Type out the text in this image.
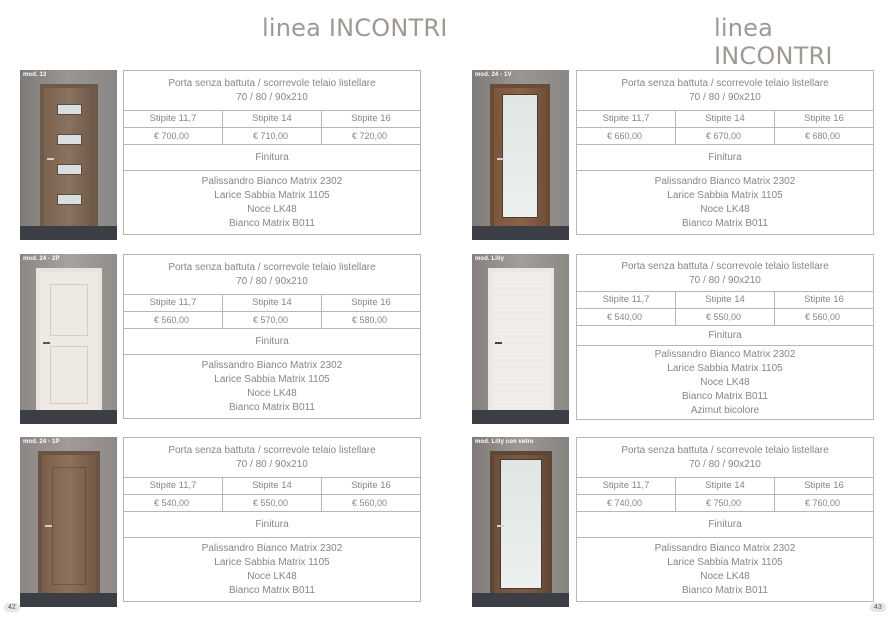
linea INCONTRI	linea INCONTRI
mod. 13
Porta senza battuta / scorrevole telaio listellare
70 / 80 / 90x210
Stipite 11,7	Stipite 14	Stipite 16
€ 700,00	€ 710,00	€ 720,00
Finitura
Palissandro Bianco Matrix 2302
Larice Sabbia Matrix 1105
Noce LK48
Bianco Matrix B011
mod. 24 - 1V
Porta senza battuta / scorrevole telaio listellare
70 / 80 / 90x210
Stipite 11,7	Stipite 14	Stipite 16
€ 660,00	€ 670,00	€ 680,00
Finitura
Palissandro Bianco Matrix 2302
Larice Sabbia Matrix 1105
Noce LK48
Bianco Matrix B011
mod. 24 - 2P
Porta senza battuta / scorrevole telaio listellare
70 / 80 / 90x210
Stipite 11,7	Stipite 14	Stipite 16
€ 560,00	€ 570,00	€ 580,00
Finitura
Palissandro Bianco Matrix 2302
Larice Sabbia Matrix 1105
Noce LK48
Bianco Matrix B011
mod. Lilly
Porta senza battuta / scorrevole telaio listellare
70 / 80 / 90x210
Stipite 11,7	Stipite 14	Stipite 16
€ 540,00	€ 550,00	€ 560,00
Finitura
Palissandro Bianco Matrix 2302
Larice Sabbia Matrix 1105
Noce LK48
Bianco Matrix B011
Azimut bicolore
mod. 24 - 1P
Porta senza battuta / scorrevole telaio listellare
70 / 80 / 90x210
Stipite 11,7	Stipite 14	Stipite 16
€ 540,00	€ 550,00	€ 560,00
Finitura
Palissandro Bianco Matrix 2302
Larice Sabbia Matrix 1105
Noce LK48
Bianco Matrix B011
mod. Lilly con vetro
Porta senza battuta / scorrevole telaio listellare
70 / 80 / 90x210
Stipite 11,7	Stipite 14	Stipite 16
€ 740,00	€ 750,00	€ 760,00
Finitura
Palissandro Bianco Matrix 2302
Larice Sabbia Matrix 1105
Noce LK48
Bianco Matrix B011
42	43
